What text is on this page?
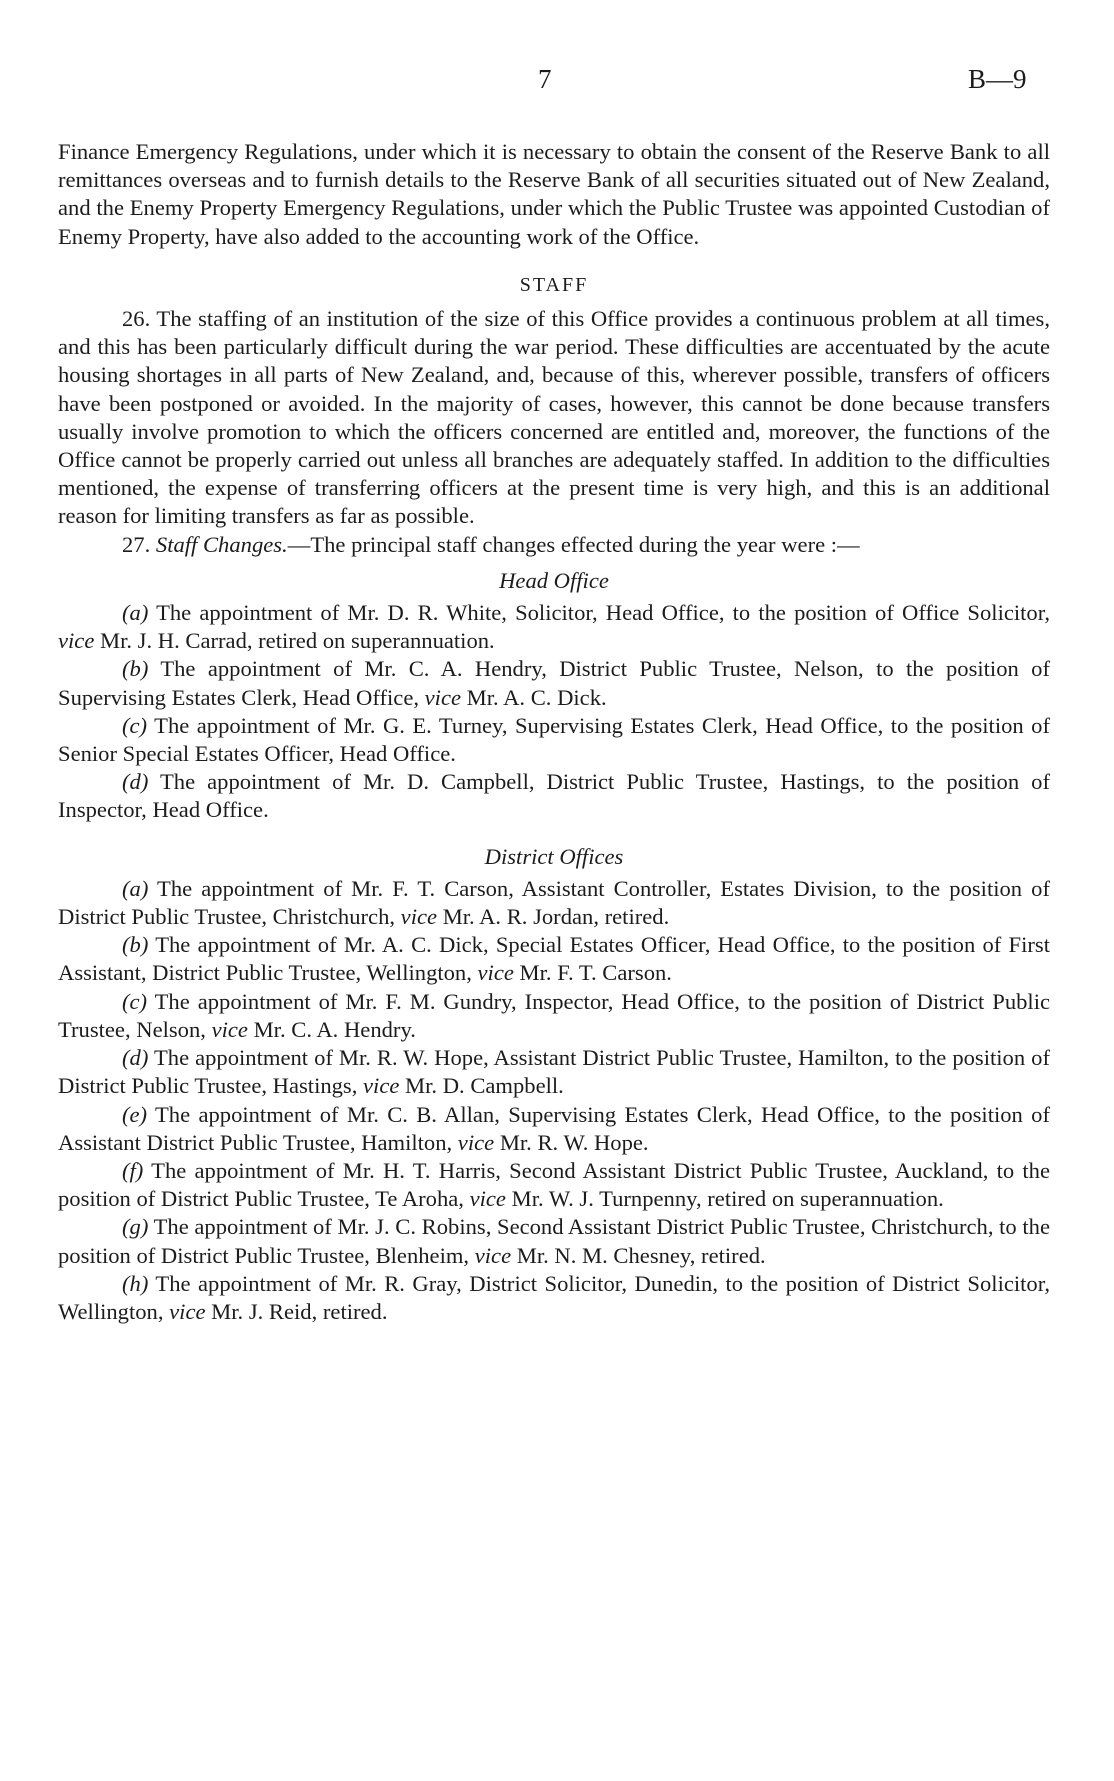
7	B—9

Finance Emergency Regulations, under which it is necessary to obtain the consent of the Reserve Bank to all remittances overseas and to furnish details to the Reserve Bank of all securities situated out of New Zealand, and the Enemy Property Emergency Regulations, under which the Public Trustee was appointed Custodian of Enemy Property, have also added to the accounting work of the Office.

STAFF

26. The staffing of an institution of the size of this Office provides a continuous problem at all times, and this has been particularly difficult during the war period. These difficulties are accentuated by the acute housing shortages in all parts of New Zealand, and, because of this, wherever possible, transfers of officers have been postponed or avoided. In the majority of cases, however, this cannot be done because transfers usually involve promotion to which the officers concerned are entitled and, moreover, the functions of the Office cannot be properly carried out unless all branches are adequately staffed. In addition to the difficulties mentioned, the expense of transferring officers at the present time is very high, and this is an additional reason for limiting transfers as far as possible.

27. Staff Changes.—The principal staff changes effected during the year were :—

Head Office

(a) The appointment of Mr. D. R. White, Solicitor, Head Office, to the position of Office Solicitor, vice Mr. J. H. Carrad, retired on superannuation.

(b) The appointment of Mr. C. A. Hendry, District Public Trustee, Nelson, to the position of Supervising Estates Clerk, Head Office, vice Mr. A. C. Dick.

(c) The appointment of Mr. G. E. Turney, Supervising Estates Clerk, Head Office, to the position of Senior Special Estates Officer, Head Office.

(d) The appointment of Mr. D. Campbell, District Public Trustee, Hastings, to the position of Inspector, Head Office.

District Offices

(a) The appointment of Mr. F. T. Carson, Assistant Controller, Estates Division, to the position of District Public Trustee, Christchurch, vice Mr. A. R. Jordan, retired.

(b) The appointment of Mr. A. C. Dick, Special Estates Officer, Head Office, to the position of First Assistant, District Public Trustee, Wellington, vice Mr. F. T. Carson.

(c) The appointment of Mr. F. M. Gundry, Inspector, Head Office, to the position of District Public Trustee, Nelson, vice Mr. C. A. Hendry.

(d) The appointment of Mr. R. W. Hope, Assistant District Public Trustee, Hamilton, to the position of District Public Trustee, Hastings, vice Mr. D. Campbell.

(e) The appointment of Mr. C. B. Allan, Supervising Estates Clerk, Head Office, to the position of Assistant District Public Trustee, Hamilton, vice Mr. R. W. Hope.

(f) The appointment of Mr. H. T. Harris, Second Assistant District Public Trustee, Auckland, to the position of District Public Trustee, Te Aroha, vice Mr. W. J. Turnpenny, retired on superannuation.

(g) The appointment of Mr. J. C. Robins, Second Assistant District Public Trustee, Christchurch, to the position of District Public Trustee, Blenheim, vice Mr. N. M. Chesney, retired.

(h) The appointment of Mr. R. Gray, District Solicitor, Dunedin, to the position of District Solicitor, Wellington, vice Mr. J. Reid, retired.
